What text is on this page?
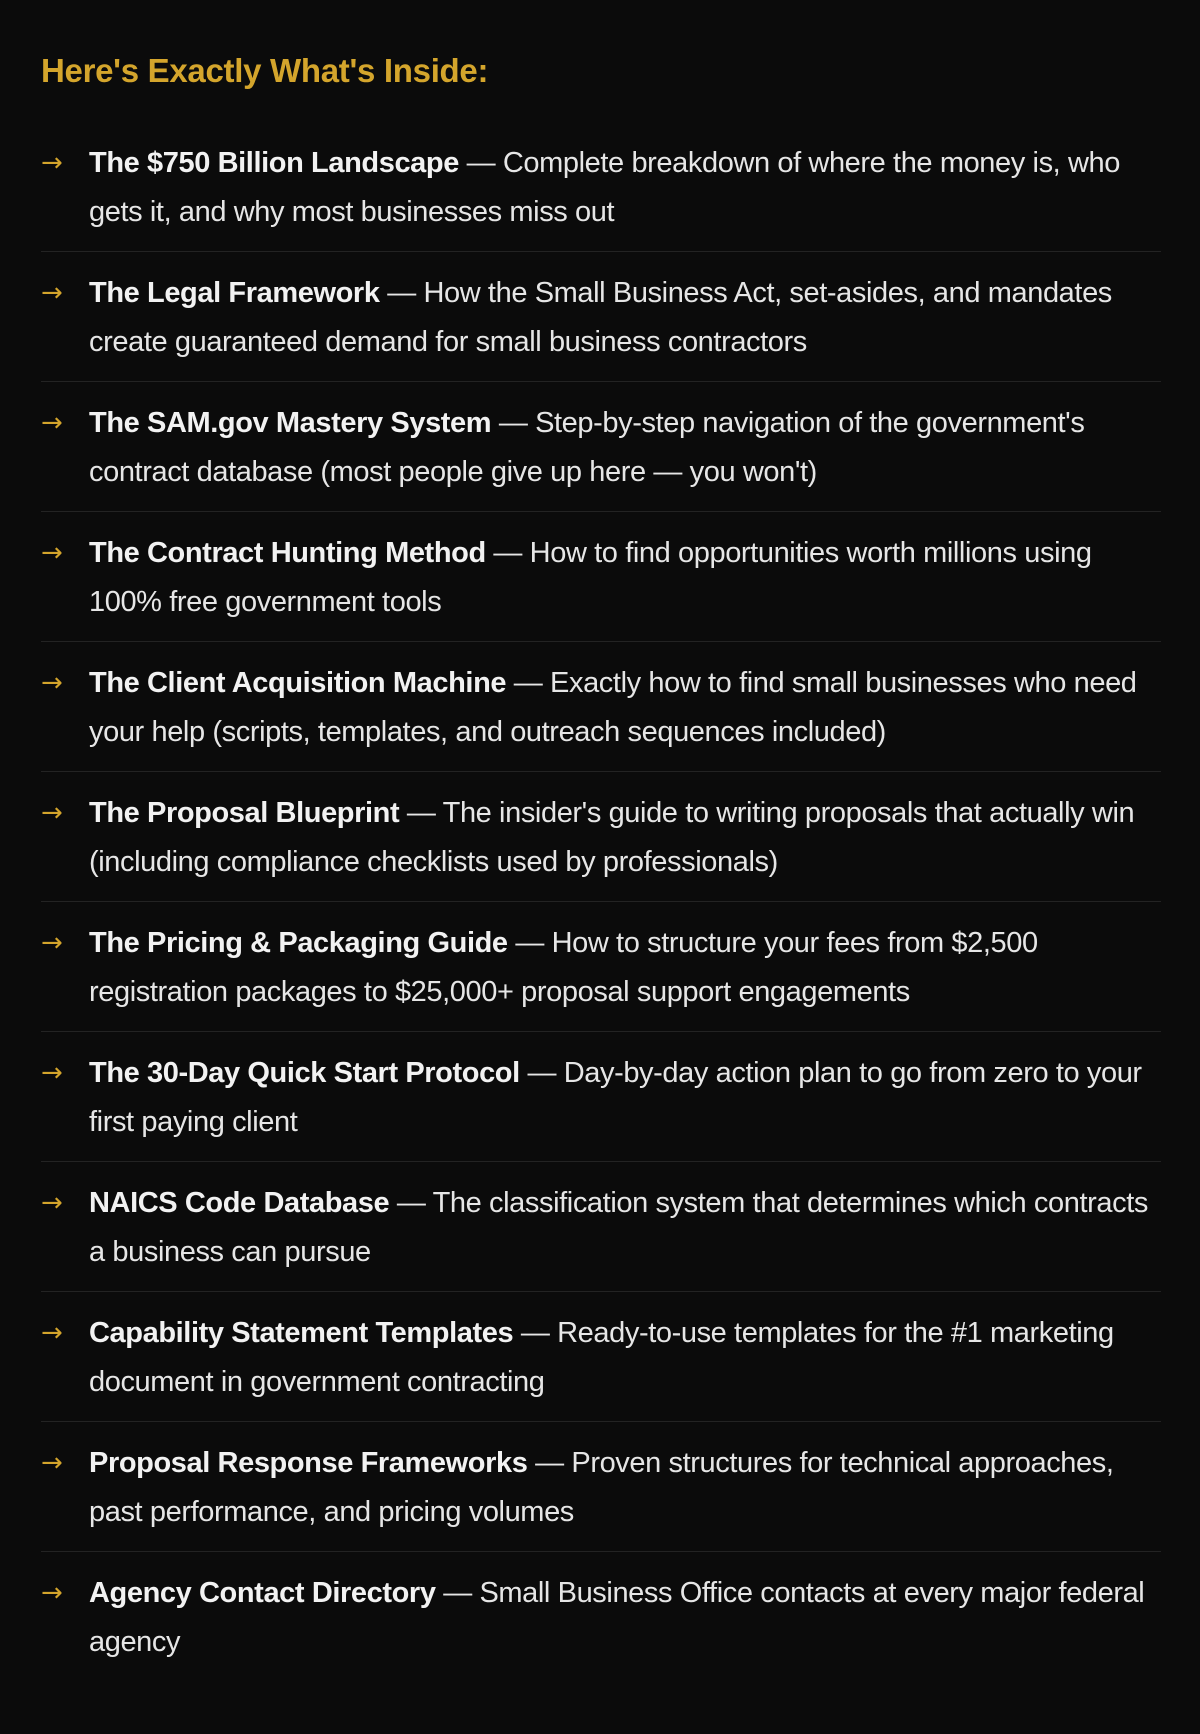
Here's Exactly What's Inside:
→ The $750 Billion Landscape — Complete breakdown of where the money is, who gets it, and why most businesses miss out
→ The Legal Framework — How the Small Business Act, set-asides, and mandates create guaranteed demand for small business contractors
→ The SAM.gov Mastery System — Step-by-step navigation of the government's contract database (most people give up here — you won't)
→ The Contract Hunting Method — How to find opportunities worth millions using 100% free government tools
→ The Client Acquisition Machine — Exactly how to find small businesses who need your help (scripts, templates, and outreach sequences included)
→ The Proposal Blueprint — The insider's guide to writing proposals that actually win (including compliance checklists used by professionals)
→ The Pricing & Packaging Guide — How to structure your fees from $2,500 registration packages to $25,000+ proposal support engagements
→ The 30-Day Quick Start Protocol — Day-by-day action plan to go from zero to your first paying client
→ NAICS Code Database — The classification system that determines which contracts a business can pursue
→ Capability Statement Templates — Ready-to-use templates for the #1 marketing document in government contracting
→ Proposal Response Frameworks — Proven structures for technical approaches, past performance, and pricing volumes
→ Agency Contact Directory — Small Business Office contacts at every major federal agency
